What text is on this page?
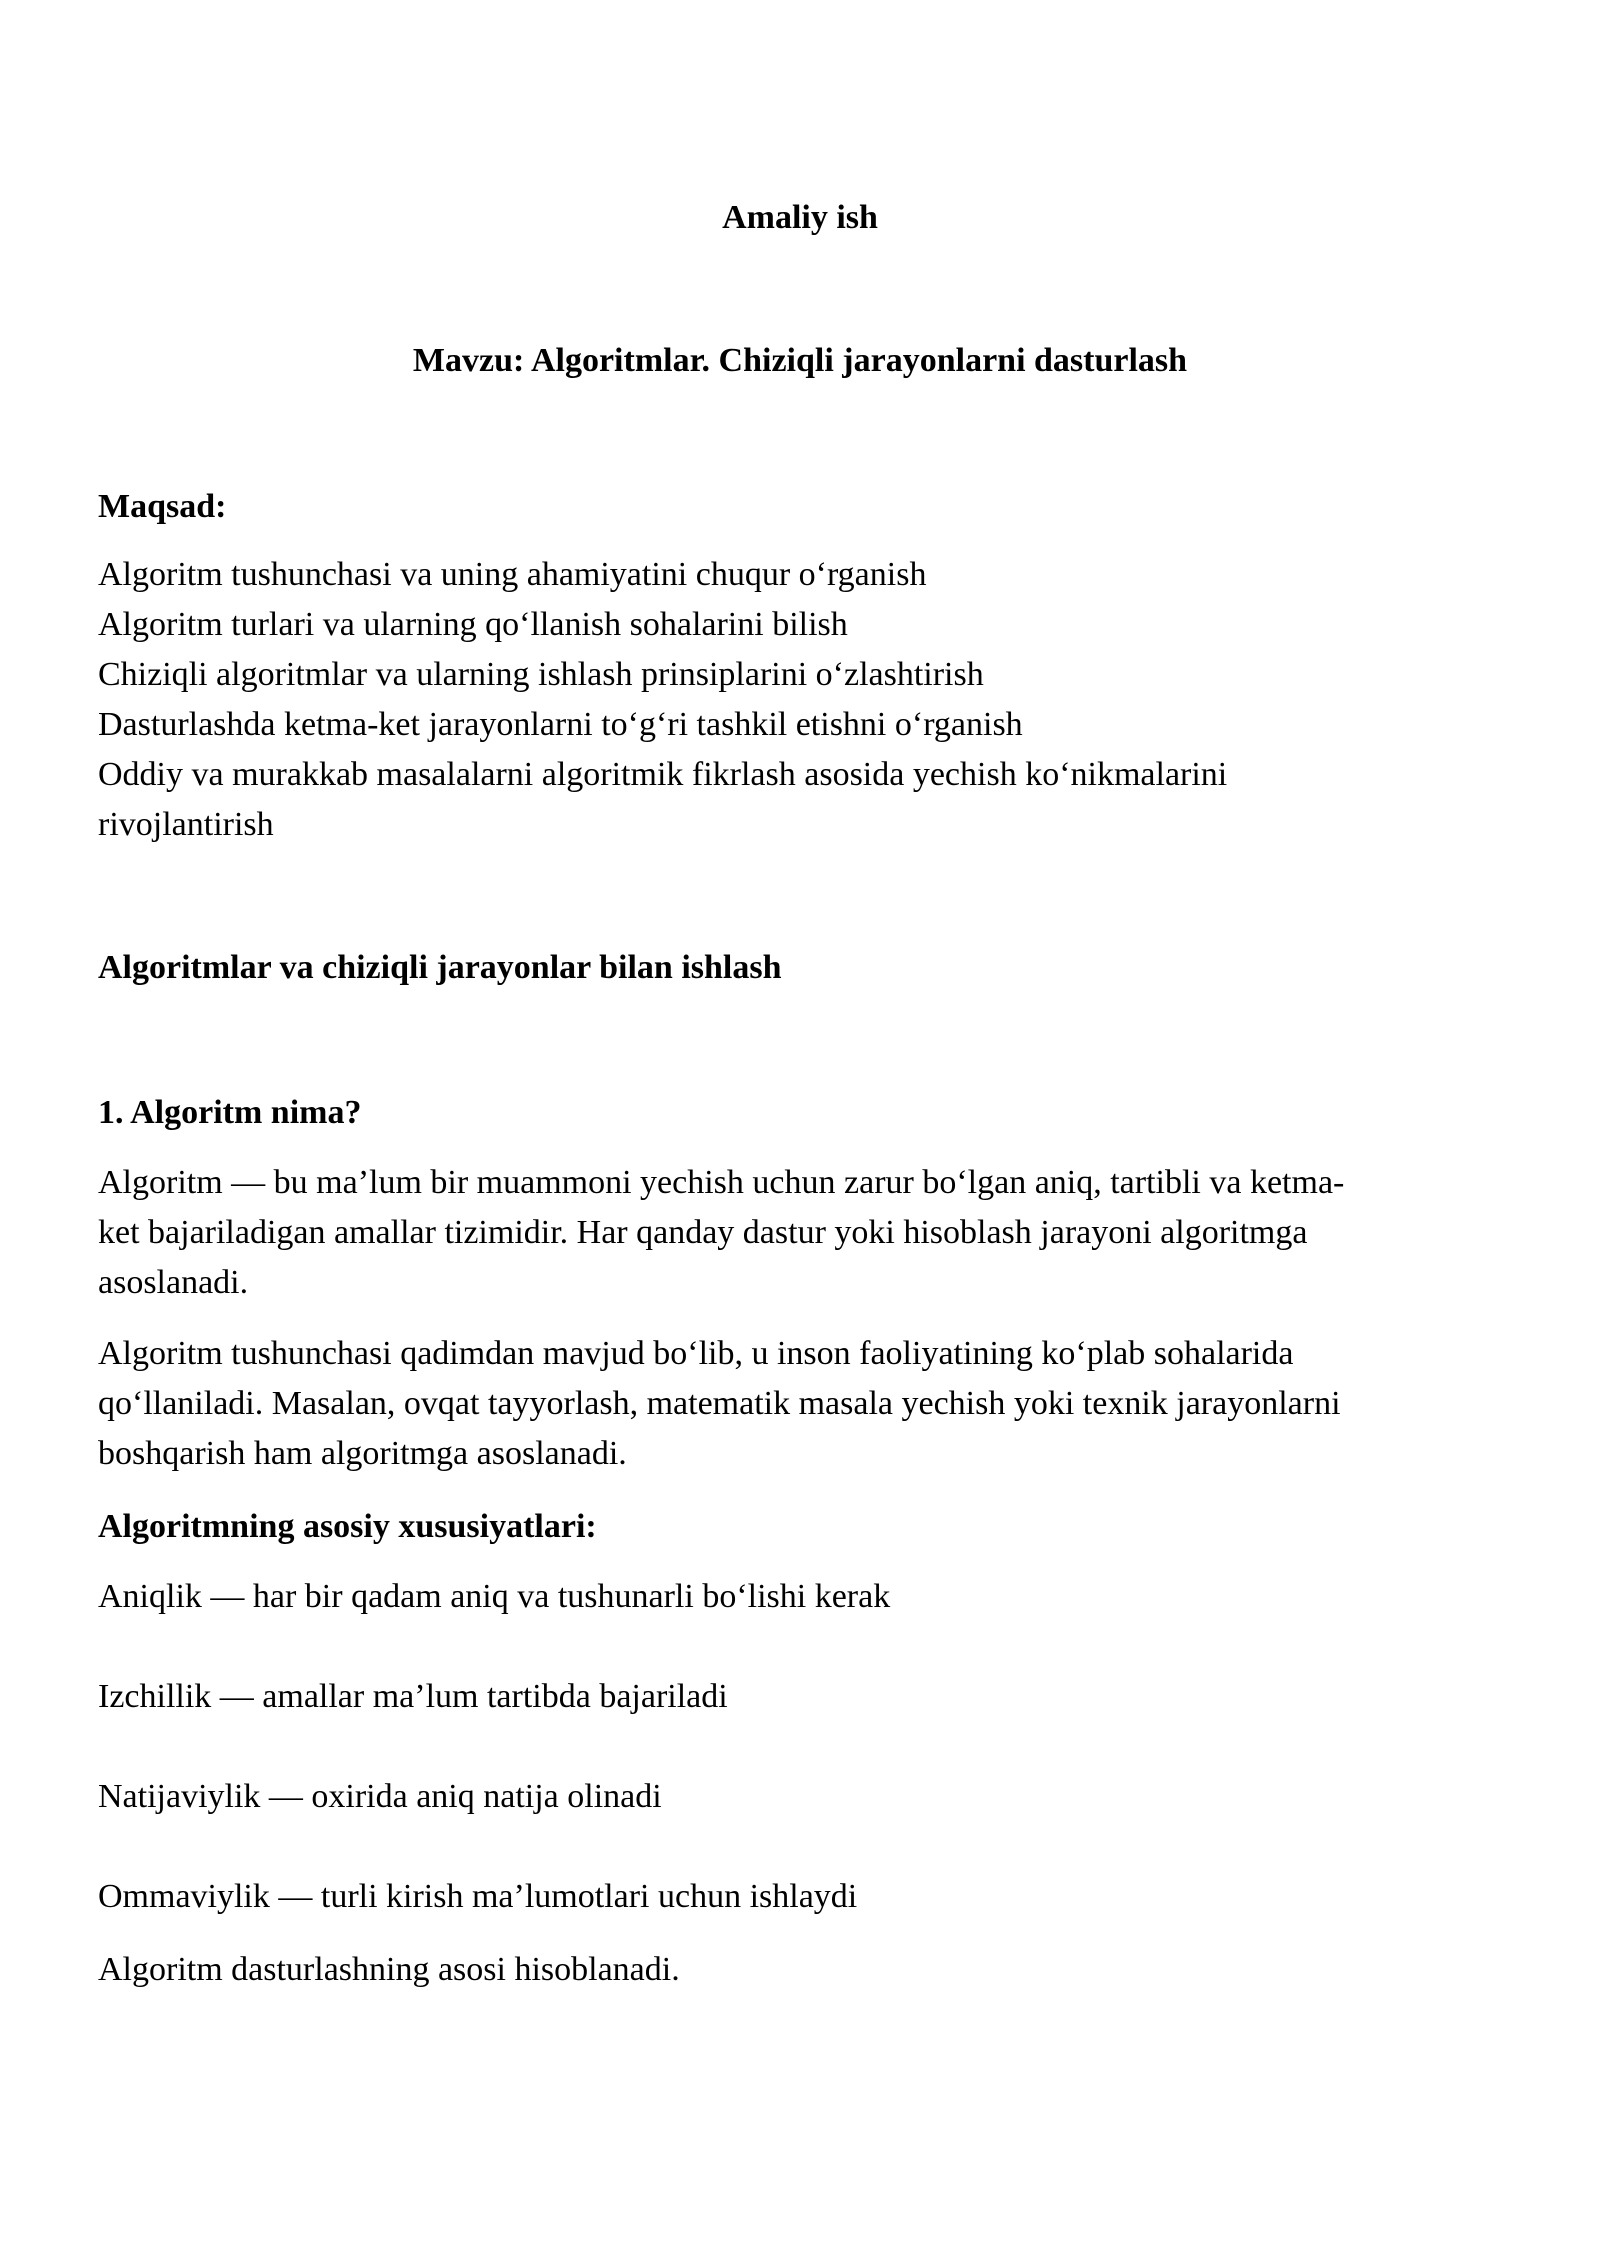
Amaliy ish
Mavzu: Algoritmlar. Chiziqli jarayonlarni dasturlash
Maqsad:
Algoritm tushunchasi va uning ahamiyatini chuqur o‘rganish
Algoritm turlari va ularning qo‘llanish sohalarini bilish
Chiziqli algoritmlar va ularning ishlash prinsiplarini o‘zlashtirish
Dasturlashda ketma-ket jarayonlarni to‘g‘ri tashkil etishni o‘rganish
Oddiy va murakkab masalalarni algoritmik fikrlash asosida yechish ko‘nikmalarini
rivojlantirish
Algoritmlar va chiziqli jarayonlar bilan ishlash
1. Algoritm nima?
Algoritm — bu ma’lum bir muammoni yechish uchun zarur bo‘lgan aniq, tartibli va ketma-
ket bajariladigan amallar tizimidir. Har qanday dastur yoki hisoblash jarayoni algoritmga
asoslanadi.
Algoritm tushunchasi qadimdan mavjud bo‘lib, u inson faoliyatining ko‘plab sohalarida
qo‘llaniladi. Masalan, ovqat tayyorlash, matematik masala yechish yoki texnik jarayonlarni
boshqarish ham algoritmga asoslanadi.
Algoritmning asosiy xususiyatlari:
Aniqlik — har bir qadam aniq va tushunarli bo‘lishi kerak
Izchillik — amallar ma’lum tartibda bajariladi
Natijaviylik — oxirida aniq natija olinadi
Ommaviylik — turli kirish ma’lumotlari uchun ishlaydi
Algoritm dasturlashning asosi hisoblanadi.
